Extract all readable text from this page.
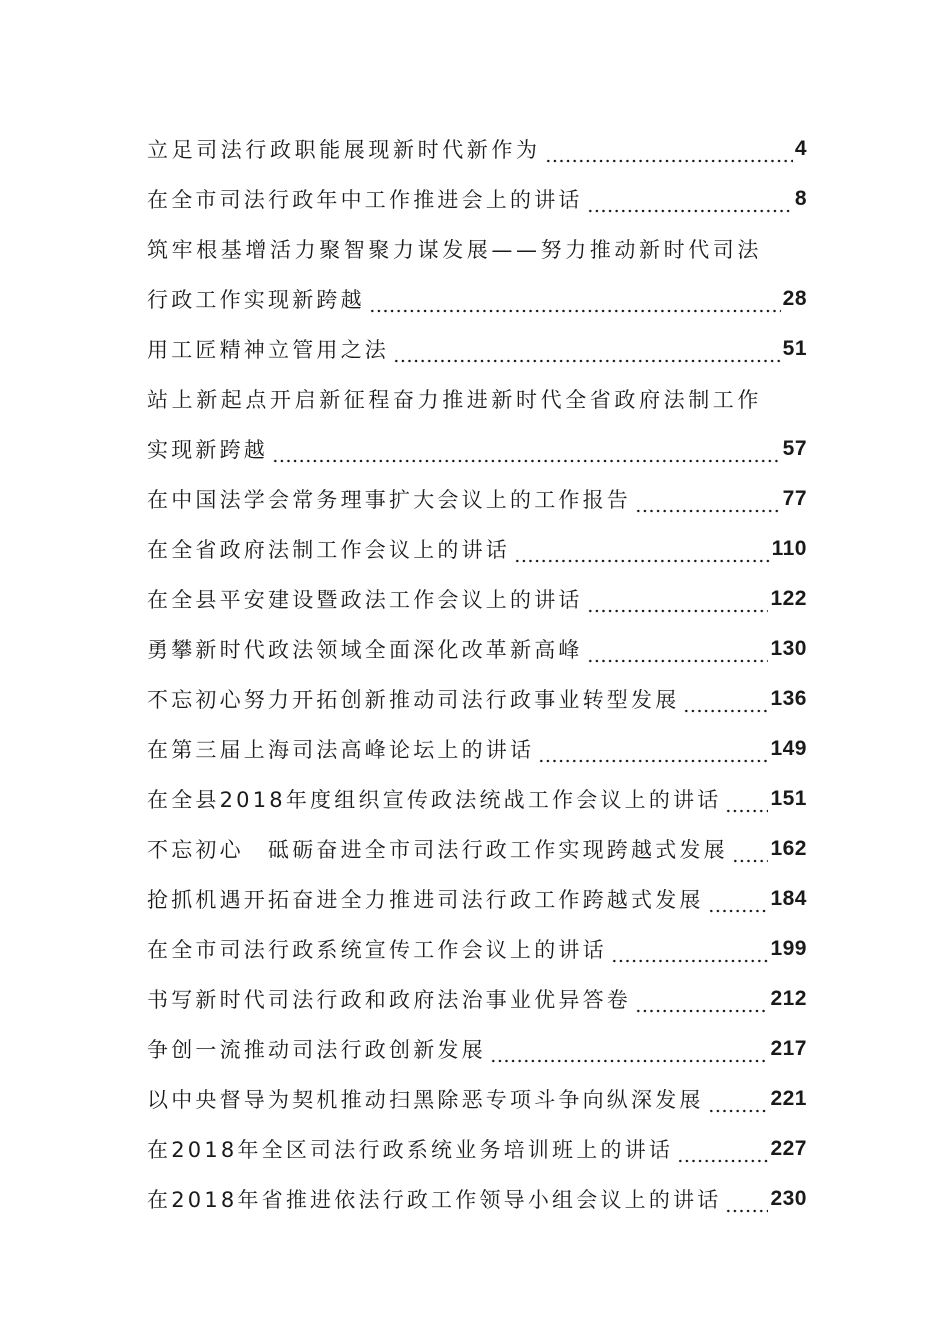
立足司法行政职能展现新时代新作为	4
在全市司法行政年中工作推进会上的讲话	8
筑牢根基增活力聚智聚力谋发展——努力推动新时代司法
行政工作实现新跨越	28
用工匠精神立管用之法	51
站上新起点开启新征程奋力推进新时代全省政府法制工作
实现新跨越	57
在中国法学会常务理事扩大会议上的工作报告	77
在全省政府法制工作会议上的讲话	110
在全县平安建设暨政法工作会议上的讲话	122
勇攀新时代政法领域全面深化改革新高峰	130
不忘初心努力开拓创新推动司法行政事业转型发展	136
在第三届上海司法高峰论坛上的讲话	149
在全县2018年度组织宣传政法统战工作会议上的讲话 151
不忘初心　砥砺奋进全市司法行政工作实现跨越式发展 162
抢抓机遇开拓奋进全力推进司法行政工作跨越式发展	184
在全市司法行政系统宣传工作会议上的讲话	199
书写新时代司法行政和政府法治事业优异答卷	212
争创一流推动司法行政创新发展	217
以中央督导为契机推动扫黑除恶专项斗争向纵深发展	221
在2018年全区司法行政系统业务培训班上的讲话	227
在2018年省推进依法行政工作领导小组会议上的讲话 230
